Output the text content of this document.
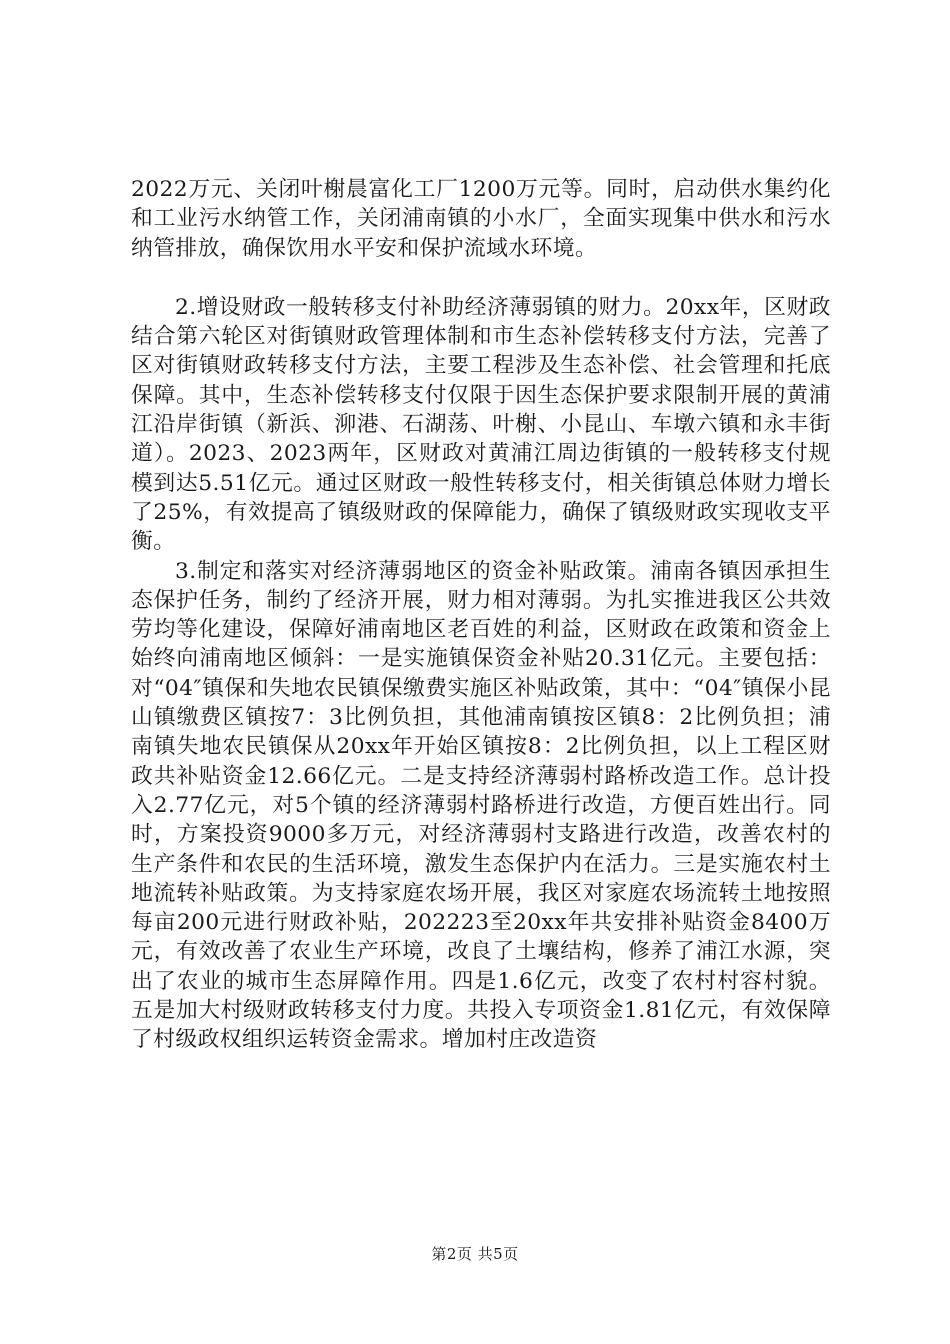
2022万元、关闭叶榭晨富化工厂1200万元等。同时，启动供水集约化和工业污水纳管工作，关闭浦南镇的小水厂，全面实现集中供水和污水纳管排放，确保饮用水平安和保护流域水环境。

2.增设财政一般转移支付补助经济薄弱镇的财力。20xx年，区财政结合第六轮区对街镇财政管理体制和市生态补偿转移支付方法，完善了区对街镇财政转移支付方法，主要工程涉及生态补偿、社会管理和托底保障。其中，生态补偿转移支付仅限于因生态保护要求限制开展的黄浦江沿岸街镇（新浜、泖港、石湖荡、叶榭、小昆山、车墩六镇和永丰街道）。2023、2023两年，区财政对黄浦江周边街镇的一般转移支付规模到达5.51亿元。通过区财政一般性转移支付，相关街镇总体财力增长了25%，有效提高了镇级财政的保障能力，确保了镇级财政实现收支平衡。

3.制定和落实对经济薄弱地区的资金补贴政策。浦南各镇因承担生态保护任务，制约了经济开展，财力相对薄弱。为扎实推进我区公共效劳均等化建设，保障好浦南地区老百姓的利益，区财政在政策和资金上始终向浦南地区倾斜：一是实施镇保资金补贴20.31亿元。主要包括：对“04″镇保和失地农民镇保缴费实施区补贴政策，其中：“04″镇保小昆山镇缴费区镇按7：3比例负担，其他浦南镇按区镇8：2比例负担；浦南镇失地农民镇保从20xx年开始区镇按8：2比例负担，以上工程区财政共补贴资金12.66亿元。二是支持经济薄弱村路桥改造工作。总计投入2.77亿元，对5个镇的经济薄弱村路桥进行改造，方便百姓出行。同时，方案投资9000多万元，对经济薄弱村支路进行改造，改善农村的生产条件和农民的生活环境，激发生态保护内在活力。三是实施农村土地流转补贴政策。为支持家庭农场开展，我区对家庭农场流转土地按照每亩200元进行财政补贴，202223至20xx年共安排补贴资金8400万元，有效改善了农业生产环境，改良了土壤结构，修养了浦江水源，突出了农业的城市生态屏障作用。四是1.6亿元，改变了农村村容村貌。五是加大村级财政转移支付力度。共投入专项资金1.81亿元，有效保障了村级政权组织运转资金需求。增加村庄改造资

第2页 共5页
